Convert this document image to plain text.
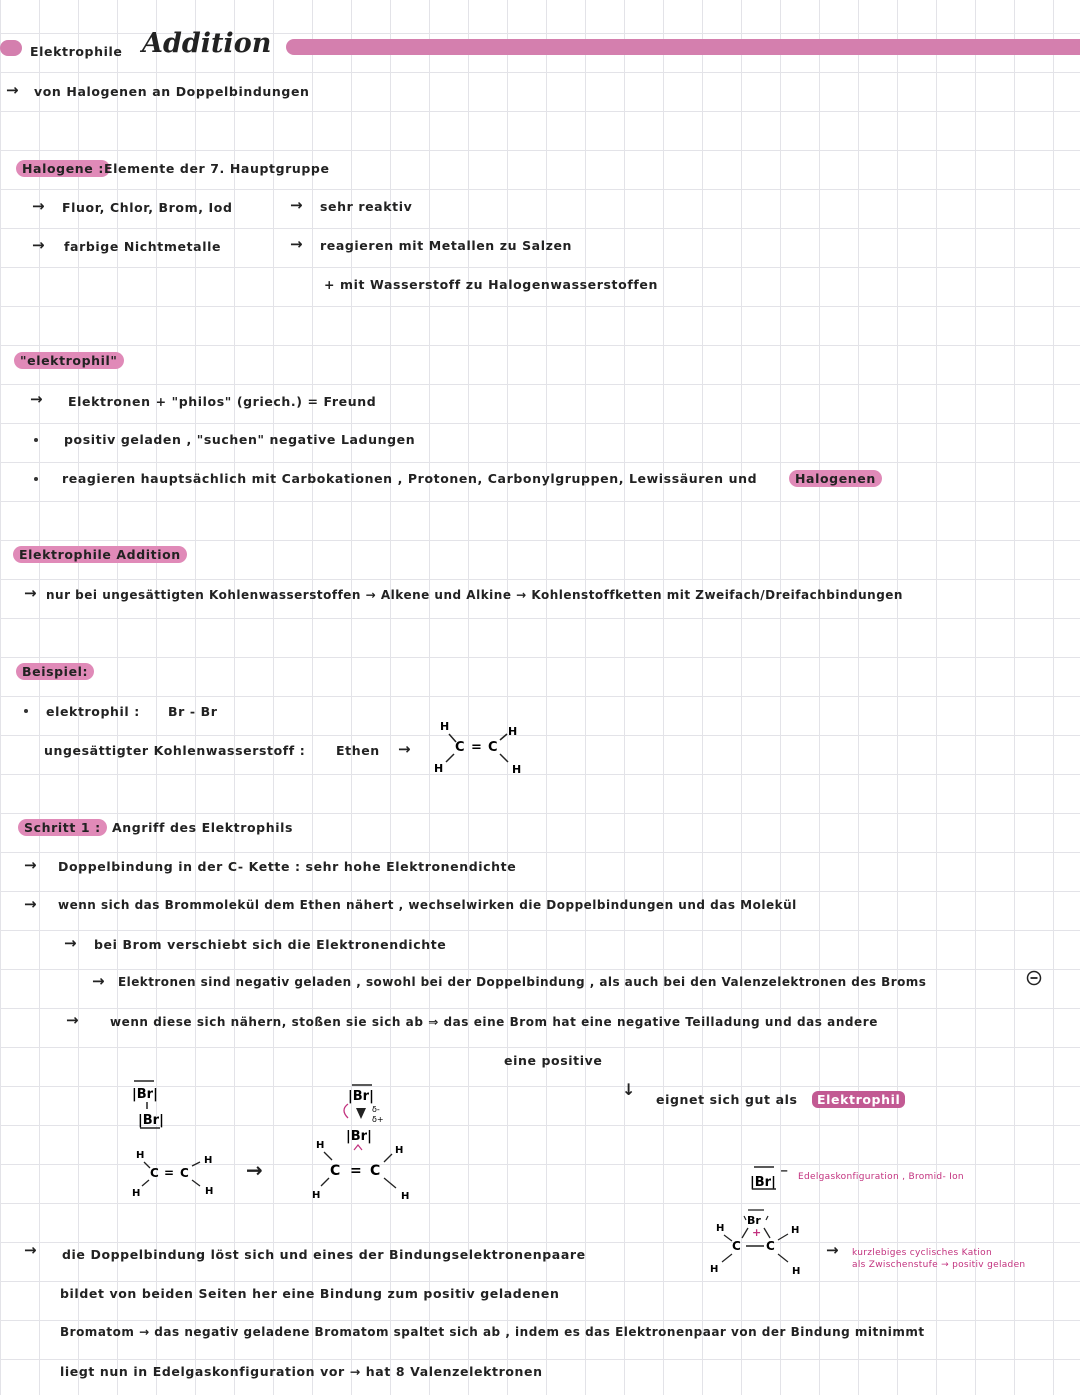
Elektrophile Addition
→ von Halogenen an Doppelbindungen
Halogene : Elemente der 7. Hauptgruppe
→ Fluor, Chlor, Brom, Iod	→ sehr reaktiv
→ farbige Nichtmetalle	→ reagieren mit Metallen zu Salzen
+ mit Wasserstoff zu Halogenwasserstoffen
"elektrophil"
→ Elektronen + "philos" (griech.) = Freund
positiv geladen , "suchen" negative Ladungen
reagieren hauptsächlich mit Carbokationen , Protonen, Carbonylgruppen, Lewissäuren und	Halogenen
Elektrophile Addition
→ nur bei ungesättigten Kohlenwasserstoffen → Alkene und Alkine → Kohlenstoffketten mit Zweifach/Dreifachbindungen
Beispiel:
elektrophil : Br - Br
ungesättigter Kohlenwasserstoff : Ethen →
H
C = C
H
H	H
Schritt 1 : Angriff des Elektrophils
→ Doppelbindung in der C- Kette : sehr hohe Elektronendichte
→ wenn sich das Brommolekül dem Ethen nähert , wechselwirken die Doppelbindungen und das Molekül
→ bei Brom verschiebt sich die Elektronendichte
→ Elektronen sind negativ geladen , sowohl bei der Doppelbindung , als auch bei den Valenzelektronen des Broms
→	wenn diese sich nähern, stoßen sie sich ab ⇒ das eine Brom hat eine negative Teilladung und das andere
eine positive
|Br|
|Br|
H
C = C
H
H	H
→
|Br|
δ-
δ+
|Br|
H
C = C
H
H	H
↓
eignet sich gut als	Elektrophil
|Br|
− Edelgaskonfiguration , Bromid- Ion
Br
+
H
C C
H
H	H
→ kurzlebiges cyclisches Kation
als Zwischenstufe → positiv geladen
→ die Doppelbindung löst sich und eines der Bindungselektronenpaare
bildet von beiden Seiten her eine Bindung zum positiv geladenen
Bromatom → das negativ geladene Bromatom spaltet sich ab , indem es das Elektronenpaar von der Bindung mitnimmt
liegt nun in Edelgaskonfiguration vor → hat 8 Valenzelektronen
